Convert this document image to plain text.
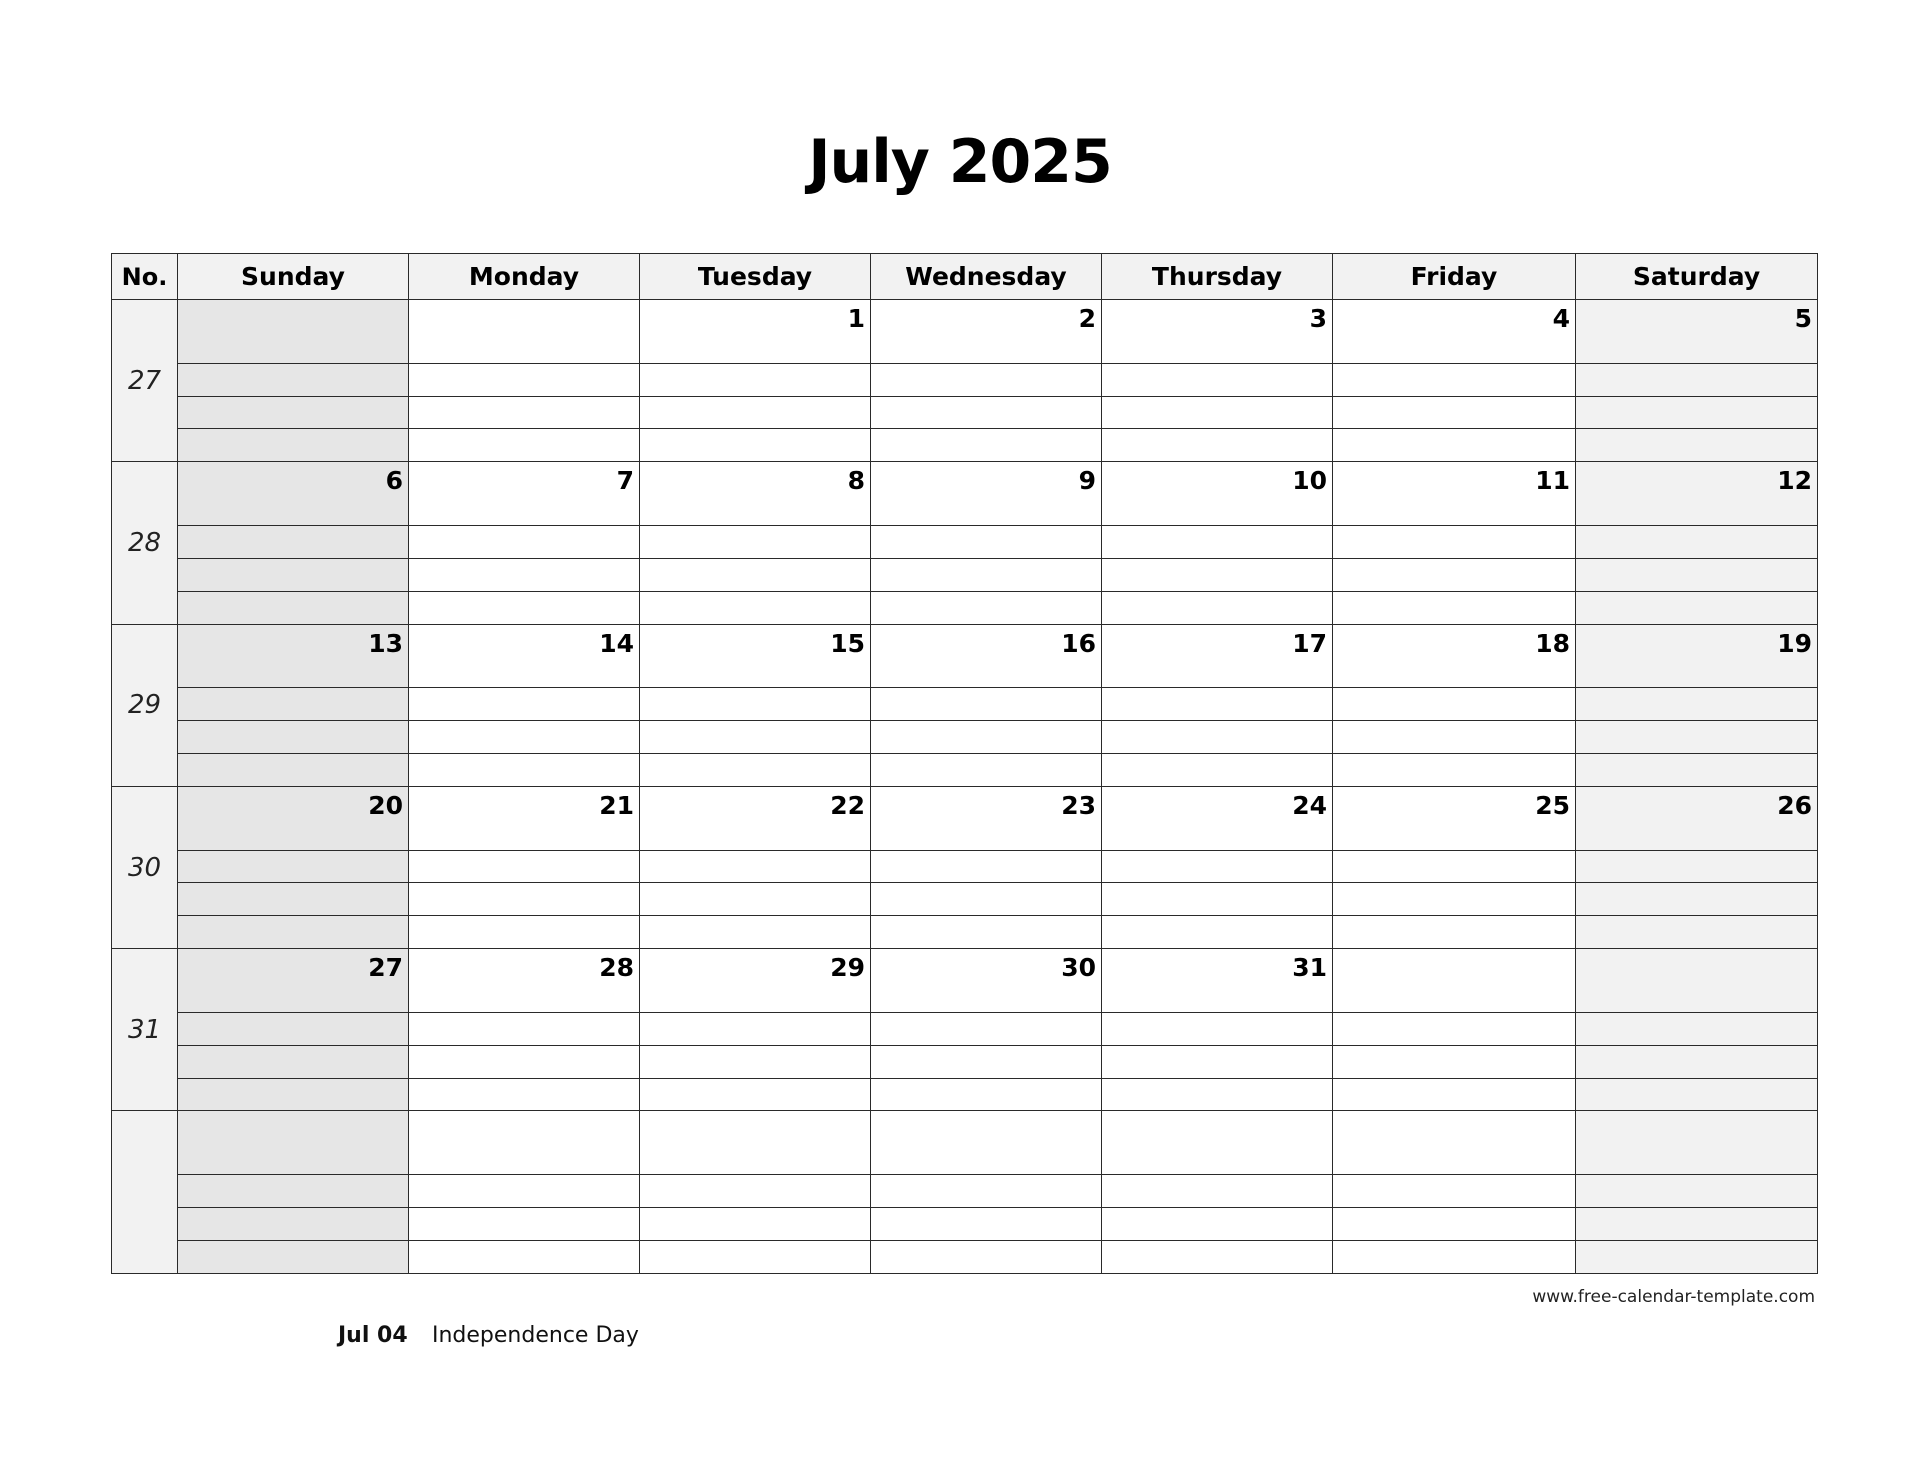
July 2025
No.	Sunday	Monday	Tuesday	Wednesday	Thursday	Friday	Saturday
27			1	2	3	4	5

28	6	7	8	9	10	11	12

29	13	14	15	16	17	18	19

30	20	21	22	23	24	25	26

31	27	28	29	30	31		

www.free-calendar-template.com
Jul 04 Independence Day
